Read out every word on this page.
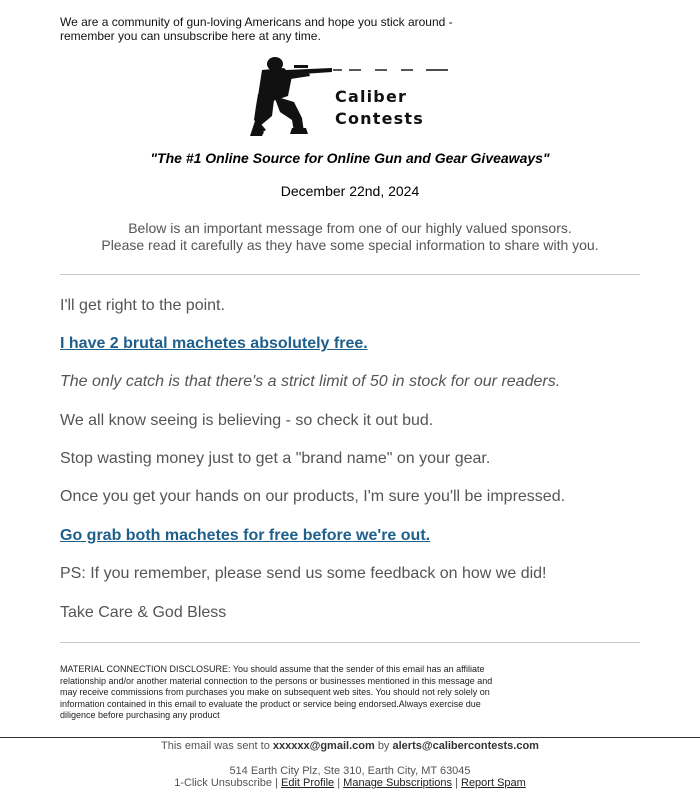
We are a community of gun-loving Americans and hope you stick around - remember you can unsubscribe here at any time.
Caliber
Contests
"The #1 Online Source for Online Gun and Gear Giveaways"
December 22nd, 2024
Below is an important message from one of our highly valued sponsors.
Please read it carefully as they have some special information to share with you.
I'll get right to the point.
I have 2 brutal machetes absolutely free.
The only catch is that there's a strict limit of 50 in stock for our readers.
We all know seeing is believing - so check it out bud.
Stop wasting money just to get a "brand name" on your gear.
Once you get your hands on our products, I'm sure you'll be impressed.
Go grab both machetes for free before we're out.
PS: If you remember, please send us some feedback on how we did!
Take Care & God Bless
MATERIAL CONNECTION DISCLOSURE: You should assume that the sender of this email has an affiliate relationship and/or another material connection to the persons or businesses mentioned in this message and may receive commissions from purchases you make on subsequent web sites. You should not rely solely on information contained in this email to evaluate the product or service being endorsed.Always exercise due diligence before purchasing any product
This email was sent to xxxxxx@gmail.com by alerts@calibercontests.com
514 Earth City Plz, Ste 310, Earth City, MT 63045
1-Click Unsubscribe | Edit Profile | Manage Subscriptions | Report Spam
